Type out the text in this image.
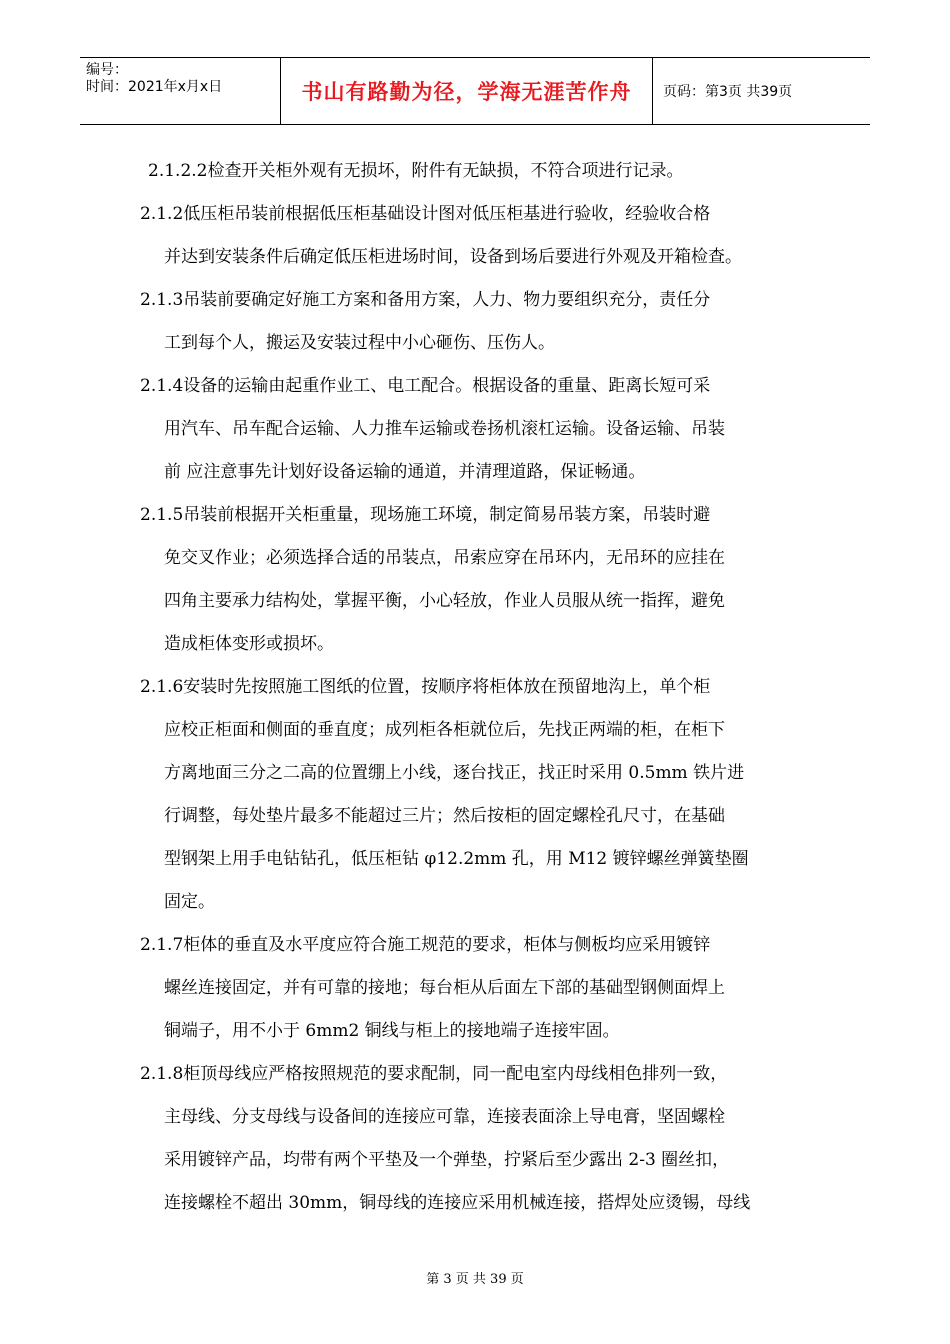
编号：
时间：2021年x月x日	书山有路勤为径，学海无涯苦作舟	页码：第3页 共39页
2.1.2.2检查开关柜外观有无损坏，附件有无缺损，不符合项进行记录。
2.1.2低压柜吊装前根据低压柜基础设计图对低压柜基进行验收，经验收合格
并达到安装条件后确定低压柜进场时间，设备到场后要进行外观及开箱检查。
2.1.3吊装前要确定好施工方案和备用方案，人力、物力要组织充分，责任分
工到每个人，搬运及安装过程中小心砸伤、压伤人。
2.1.4设备的运输由起重作业工、电工配合。根据设备的重量、距离长短可采
用汽车、吊车配合运输、人力推车运输或卷扬机滚杠运输。设备运输、吊装
前 应注意事先计划好设备运输的通道，并清理道路，保证畅通。
2.1.5吊装前根据开关柜重量，现场施工环境，制定简易吊装方案，吊装时避
免交叉作业；必须选择合适的吊装点，吊索应穿在吊环内，无吊环的应挂在
四角主要承力结构处，掌握平衡，小心轻放，作业人员服从统一指挥，避免
造成柜体变形或损坏。
2.1.6安装时先按照施工图纸的位置，按顺序将柜体放在预留地沟上，单个柜
应校正柜面和侧面的垂直度；成列柜各柜就位后，先找正两端的柜，在柜下
方离地面三分之二高的位置绷上小线，逐台找正，找正时采用 0.5mm 铁片进
行调整，每处垫片最多不能超过三片；然后按柜的固定螺栓孔尺寸，在基础
型钢架上用手电钻钻孔，低压柜钻 φ12.2mm 孔，用 M12 镀锌螺丝弹簧垫圈
固定。
2.1.7柜体的垂直及水平度应符合施工规范的要求，柜体与侧板均应采用镀锌
螺丝连接固定，并有可靠的接地；每台柜从后面左下部的基础型钢侧面焊上
铜端子，用不小于 6mm2 铜线与柜上的接地端子连接牢固。
2.1.8柜顶母线应严格按照规范的要求配制，同一配电室内母线相色排列一致，
主母线、分支母线与设备间的连接应可靠，连接表面涂上导电膏，坚固螺栓
采用镀锌产品，均带有两个平垫及一个弹垫，拧紧后至少露出 2-3 圈丝扣，
连接螺栓不超出 30mm，铜母线的连接应采用机械连接，搭焊处应烫锡，母线
第 3 页 共 39 页
